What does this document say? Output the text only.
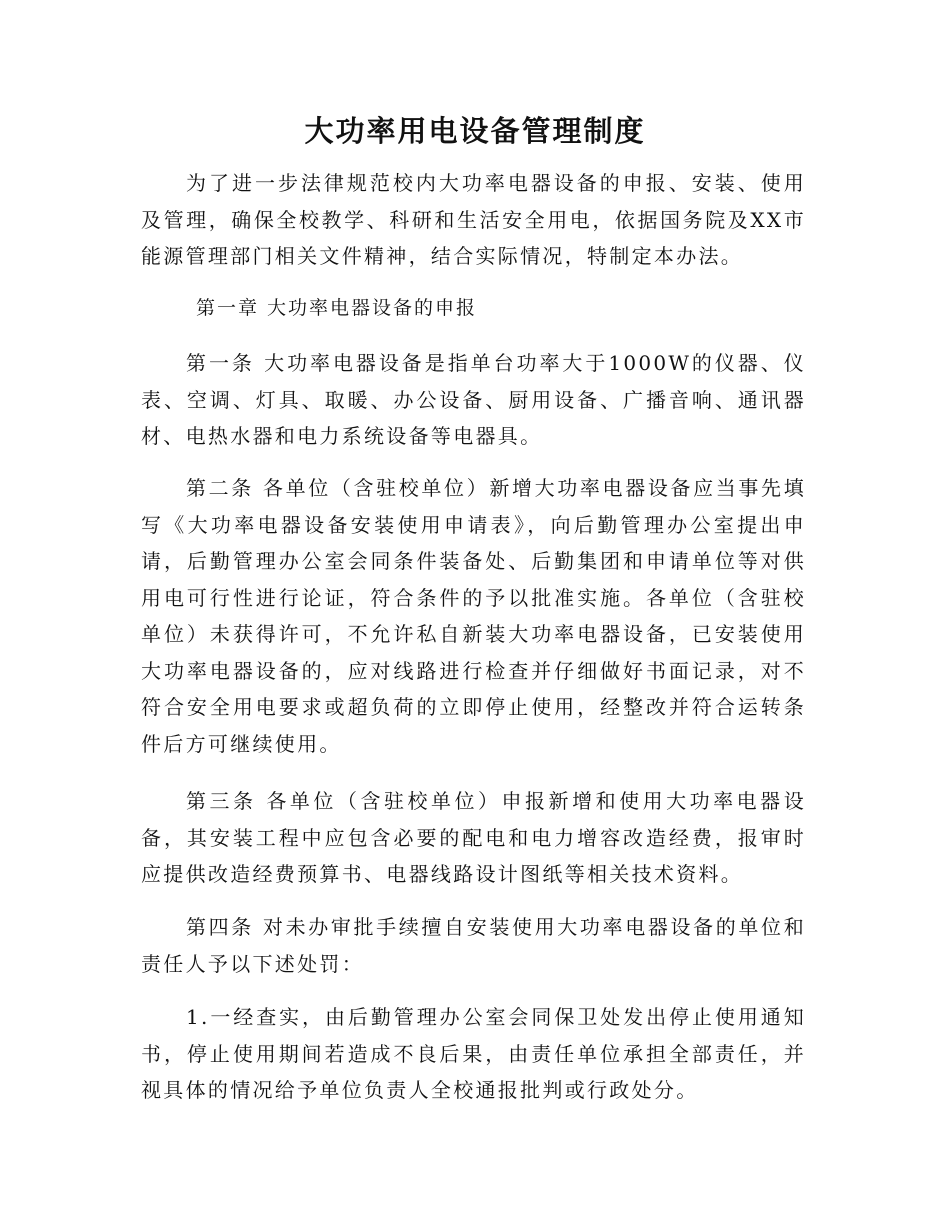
大功率用电设备管理制度

为了进一步法律规范校内大功率电器设备的申报、安装、使用及管理，确保全校教学、科研和生活安全用电，依据国务院及XX市能源管理部门相关文件精神，结合实际情况，特制定本办法。

第一章 大功率电器设备的申报

第一条 大功率电器设备是指单台功率大于1000W的仪器、仪表、空调、灯具、取暖、办公设备、厨用设备、广播音响、通讯器材、电热水器和电力系统设备等电器具。

第二条 各单位（含驻校单位）新增大功率电器设备应当事先填写《大功率电器设备安装使用申请表》，向后勤管理办公室提出申请，后勤管理办公室会同条件装备处、后勤集团和申请单位等对供用电可行性进行论证，符合条件的予以批准实施。各单位（含驻校单位）未获得许可，不允许私自新装大功率电器设备，已安装使用大功率电器设备的，应对线路进行检查并仔细做好书面记录，对不符合安全用电要求或超负荷的立即停止使用，经整改并符合运转条件后方可继续使用。

第三条 各单位（含驻校单位）申报新增和使用大功率电器设备，其安装工程中应包含必要的配电和电力增容改造经费，报审时应提供改造经费预算书、电器线路设计图纸等相关技术资料。

第四条 对未办审批手续擅自安装使用大功率电器设备的单位和责任人予以下述处罚：

1.一经查实，由后勤管理办公室会同保卫处发出停止使用通知书，停止使用期间若造成不良后果，由责任单位承担全部责任，并视具体的情况给予单位负责人全校通报批判或行政处分。
